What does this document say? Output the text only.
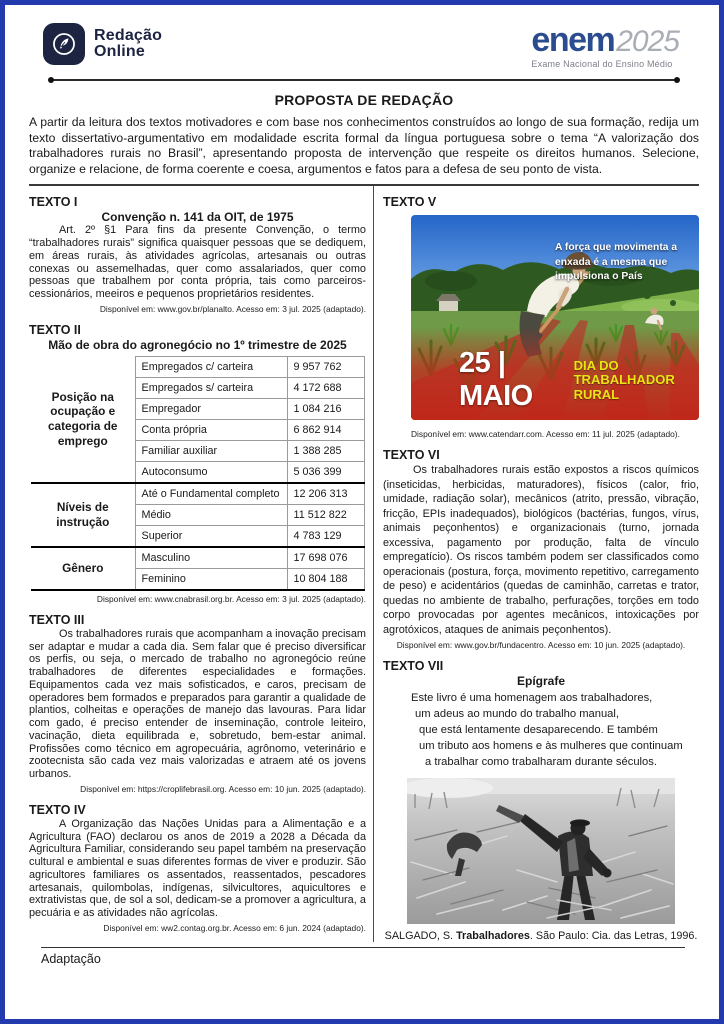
Redação
Online	enem 2025
Exame Nacional do Ensino Médio
PROPOSTA DE REDAÇÃO

A partir da leitura dos textos motivadores e com base nos conhecimentos construídos ao longo de sua formação, redija um texto dissertativo-argumentativo em modalidade escrita formal da língua portuguesa sobre o tema “A valorização dos trabalhadores rurais no Brasil”, apresentando proposta de intervenção que respeite os direitos humanos. Selecione, organize e relacione, de forma coerente e coesa, argumentos e fatos para a defesa de seu ponto de vista.

TEXTO I
Convenção n. 141 da OIT, de 1975

Art. 2º §1 Para fins da presente Convenção, o termo “trabalhadores rurais” significa quaisquer pessoas que se dediquem, em áreas rurais, às atividades agrícolas, artesanais ou outras conexas ou assemelhadas, quer como assalariados, quer como pessoas que trabalhem por conta própria, tais como parceiros-cessionários, meeiros e pequenos proprietários residentes.

Disponível em: www.gov.br/planalto. Acesso em: 3 jul. 2025 (adaptado).
TEXTO II
Mão de obra do agronegócio no 1º trimestre de 2025
Posição na ocupação e categoria de emprego	Empregados c/ carteira	9 957 762
	Empregados s/ carteira	4 172 688
	Empregador	1 084 216
	Conta própria	6 862 914
	Familiar auxiliar	1 388 285
	Autoconsumo	5 036 399
Níveis de instrução	Até o Fundamental completo	12 206 313
	Médio	11 512 822
	Superior	4 783 129
Gênero	Masculino	17 698 076
	Feminino	10 804 188
Disponível em: www.cnabrasil.org.br. Acesso em: 3 jul. 2025 (adaptado).
TEXTO III

Os trabalhadores rurais que acompanham a inovação precisam ser adaptar e mudar a cada dia. Sem falar que é preciso diversificar os perfis, ou seja, o mercado de trabalho no agronegócio reúne trabalhadores de diferentes especialidades e formações. Equipamentos cada vez mais sofisticados, e caros, precisam de operadores bem formados e preparados para garantir a qualidade de plantios, colheitas e operações de manejo das lavouras. Para lidar com gado, é preciso entender de inseminação, controle leiteiro, vacinação, dieta equilibrada e, sobretudo, bem-estar animal. Profissões como técnico em agropecuária, agrônomo, veterinário e zootecnista são cada vez mais valorizadas e atraem até os jovens urbanos.

Disponível em: https://croplifebrasil.org. Acesso em: 10 jun. 2025 (adaptado).
TEXTO IV

A Organização das Nações Unidas para a Alimentação e a Agricultura (FAO) declarou os anos de 2019 a 2028 a Década da Agricultura Familiar, considerando seu papel também na preservação cultural e ambiental e suas diferentes formas de viver e produzir. São agricultores familiares os assentados, reassentados, pescadores artesanais, quilombolas, indígenas, silvicultores, aquicultores e extrativistas que, de sol a sol, dedicam-se a promover a agricultura, a pecuária e as atividades não agrícolas.

Disponível em: ww2.contag.org.br. Acesso em: 6 jun. 2024 (adaptado).
TEXTO V
A força que movimenta a enxada é a mesma que impulsiona o País
25 | MAIO
DIA DO
TRABALHADOR RURAL
Disponível em: www.catendarr.com. Acesso em: 11 jul. 2025 (adaptado).
TEXTO VI

Os trabalhadores rurais estão expostos a riscos químicos (inseticidas, herbicidas, maturadores), físicos (calor, frio, umidade, radiação solar), mecânicos (atrito, pressão, vibração, fricção, EPIs inadequados), biológicos (bactérias, fungos, vírus, animais peçonhentos) e organizacionais (turno, jornada excessiva, pagamento por produção, falta de vínculo empregatício). Os riscos também podem ser classificados como operacionais (postura, força, movimento repetitivo, carregamento de peso) e acidentários (quedas de caminhão, carretas e trator, quedas no ambiente de trabalho, perfurações, torções em todo corpo provocadas por agentes mecânicos, intoxicações por agrotóxicos, ataques de animais peçonhentos).

Disponível em: www.gov.br/fundacentro. Acesso em: 10 jun. 2025 (adaptado).
TEXTO VII
Epígrafe
Este livro é uma homenagem aos trabalhadores,
um adeus ao mundo do trabalho manual,
que está lentamente desaparecendo. E também
um tributo aos homens e às mulheres que continuam
a trabalhar como trabalharam durante séculos.
SALGADO, S. Trabalhadores. São Paulo: Cia. das Letras, 1996.
Adaptação
